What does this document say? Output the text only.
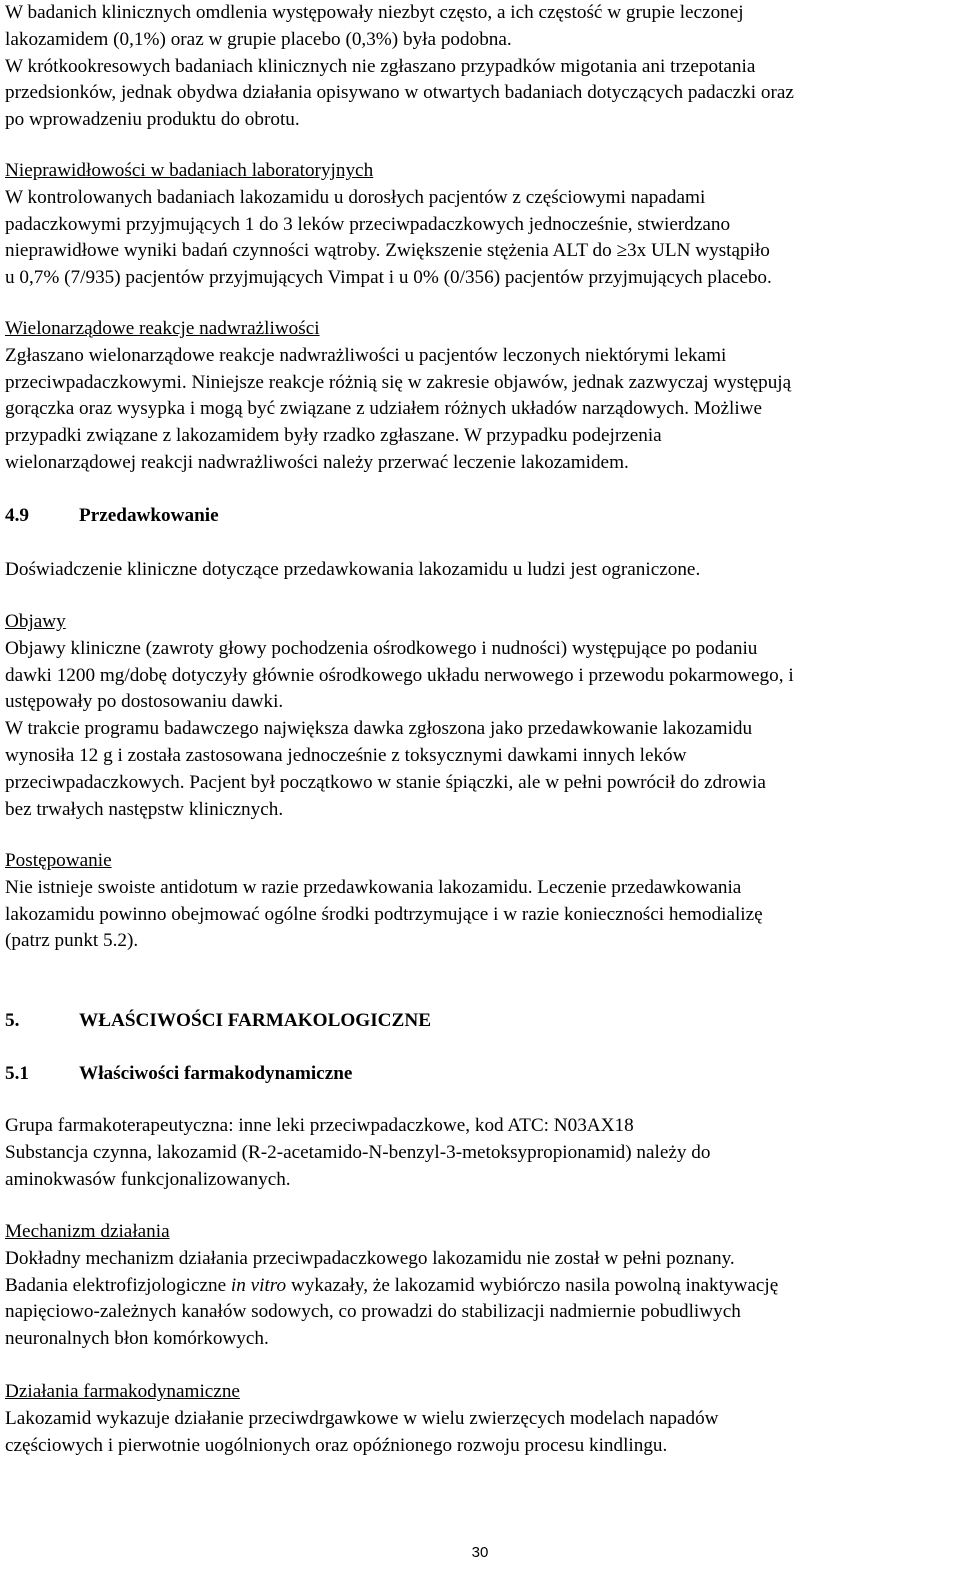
W badanich klinicznych omdlenia występowały niezbyt często, a ich częstość w grupie leczonej
lakozamidem (0,1%) oraz w grupie placebo (0,3%) była podobna.
W krótkookresowych badaniach klinicznych nie zgłaszano przypadków migotania ani trzepotania
przedsionków, jednak obydwa działania opisywano w otwartych badaniach dotyczących padaczki oraz
po wprowadzeniu produktu do obrotu.
Nieprawidłowości w badaniach laboratoryjnych
W kontrolowanych badaniach lakozamidu u dorosłych pacjentów z częściowymi napadami
padaczkowymi przyjmujących 1 do 3 leków przeciwpadaczkowych jednocześnie, stwierdzano
nieprawidłowe wyniki badań czynności wątroby. Zwiększenie stężenia ALT do ≥3x ULN wystąpiło
u 0,7% (7/935) pacjentów przyjmujących Vimpat i u 0% (0/356) pacjentów przyjmujących placebo.
Wielonarządowe reakcje nadwrażliwości
Zgłaszano wielonarządowe reakcje nadwrażliwości u pacjentów leczonych niektórymi lekami
przeciwpadaczkowymi. Niniejsze reakcje różnią się w zakresie objawów, jednak zazwyczaj występują
gorączka oraz wysypka i mogą być związane z udziałem różnych układów narządowych. Możliwe
przypadki związane z lakozamidem były rzadko zgłaszane. W przypadku podejrzenia
wielonarządowej reakcji nadwrażliwości należy przerwać leczenie lakozamidem.
4.9	Przedawkowanie
Doświadczenie kliniczne dotyczące przedawkowania lakozamidu u ludzi jest ograniczone.
Objawy
Objawy kliniczne (zawroty głowy pochodzenia ośrodkowego i nudności) występujące po podaniu
dawki 1200 mg/dobę dotyczyły głównie ośrodkowego układu nerwowego i przewodu pokarmowego, i
ustępowały po dostosowaniu dawki.
W trakcie programu badawczego największa dawka zgłoszona jako przedawkowanie lakozamidu
wynosiła 12 g i została zastosowana jednocześnie z toksycznymi dawkami innych leków
przeciwpadaczkowych. Pacjent był początkowo w stanie śpiączki, ale w pełni powrócił do zdrowia
bez trwałych następstw klinicznych.
Postępowanie
Nie istnieje swoiste antidotum w razie przedawkowania lakozamidu. Leczenie przedawkowania
lakozamidu powinno obejmować ogólne środki podtrzymujące i w razie konieczności hemodializę
(patrz punkt 5.2).
5.	WŁAŚCIWOŚCI FARMAKOLOGICZNE
5.1	Właściwości farmakodynamiczne
Grupa farmakoterapeutyczna: inne leki przeciwpadaczkowe, kod ATC: N03AX18
Substancja czynna, lakozamid (R-2-acetamido-N-benzyl-3-metoksypropionamid) należy do
aminokwasów funkcjonalizowanych.
Mechanizm działania
Dokładny mechanizm działania przeciwpadaczkowego lakozamidu nie został w pełni poznany.
Badania elektrofizjologiczne in vitro wykazały, że lakozamid wybiórczo nasila powolną inaktywację
napięciowo-zależnych kanałów sodowych, co prowadzi do stabilizacji nadmiernie pobudliwych
neuronalnych błon komórkowych.
Działania farmakodynamiczne
Lakozamid wykazuje działanie przeciwdrgawkowe w wielu zwierzęcych modelach napadów
częściowych i pierwotnie uogólnionych oraz opóźnionego rozwoju procesu kindlingu.
30
